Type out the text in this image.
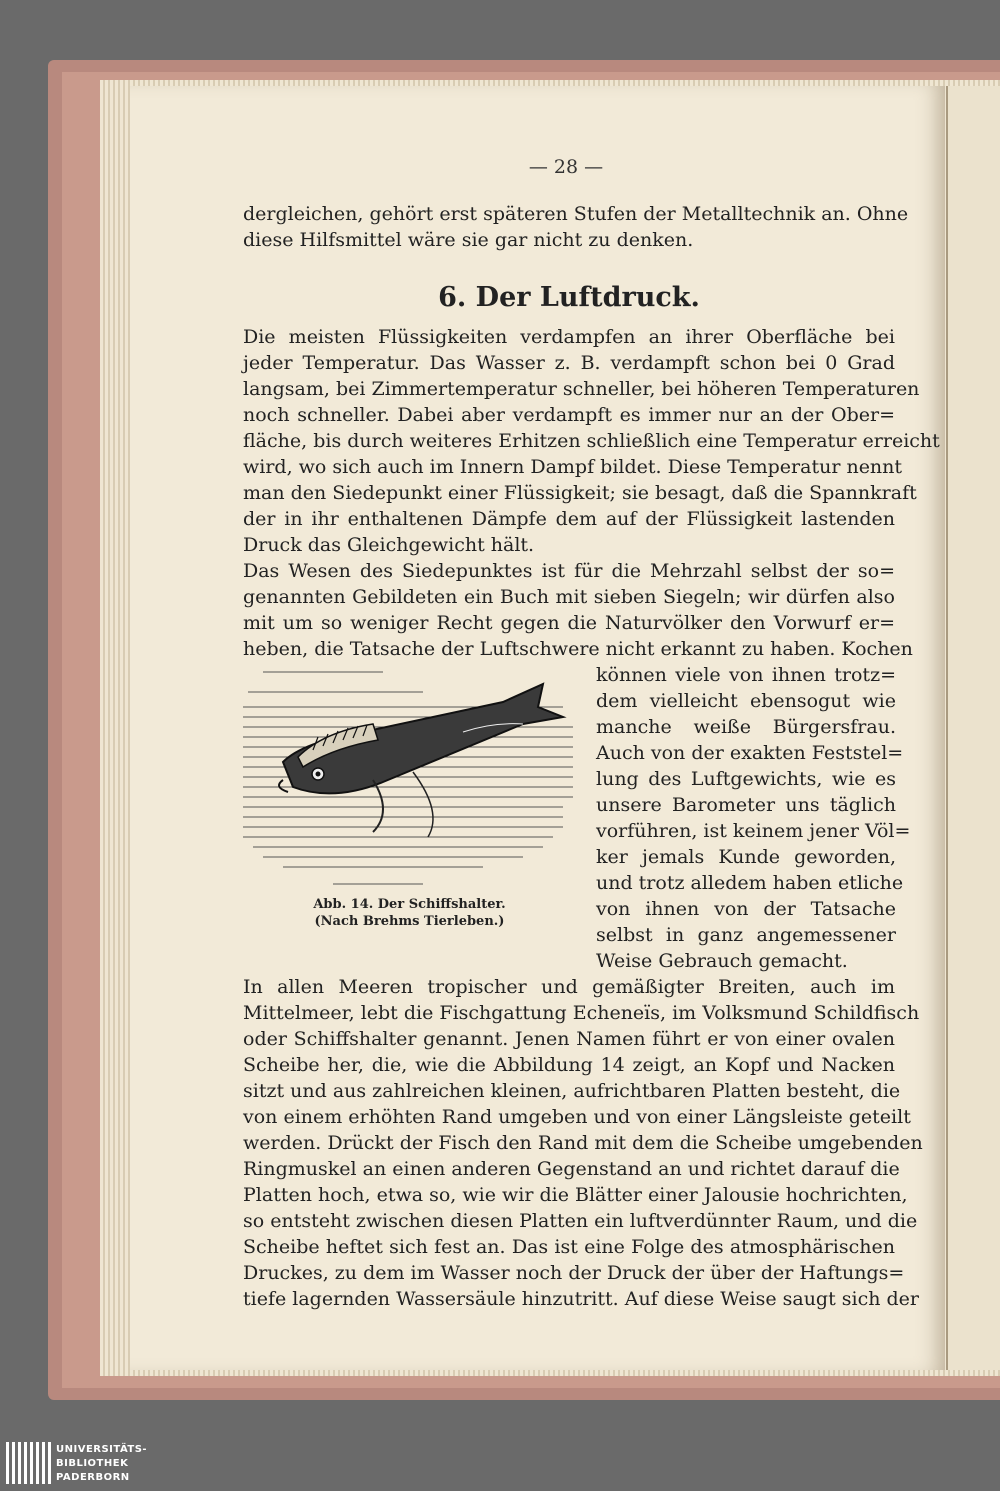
— 28 —
dergleichen, gehört erst späteren Stufen der Metalltechnik an. Ohne
diese Hilfsmittel wäre sie gar nicht zu denken.
6. Der Luftdruck.
Die meisten Flüssigkeiten verdampfen an ihrer Oberfläche bei
jeder Temperatur. Das Wasser z. B. verdampft schon bei 0 Grad
langsam, bei Zimmertemperatur schneller, bei höheren Temperaturen
noch schneller. Dabei aber verdampft es immer nur an der Ober=
fläche, bis durch weiteres Erhitzen schließlich eine Temperatur erreicht
wird, wo sich auch im Innern Dampf bildet. Diese Temperatur nennt
man den Siedepunkt einer Flüssigkeit; sie besagt, daß die Spannkraft
der in ihr enthaltenen Dämpfe dem auf der Flüssigkeit lastenden
Druck das Gleichgewicht hält.
Das Wesen des Siedepunktes ist für die Mehrzahl selbst der so=
genannten Gebildeten ein Buch mit sieben Siegeln; wir dürfen also
mit um so weniger Recht gegen die Naturvölker den Vorwurf er=
heben, die Tatsache der Luftschwere nicht erkannt zu haben. Kochen
können viele von ihnen trotz=
dem vielleicht ebensogut wie
manche weiße Bürgersfrau.
Auch von der exakten Feststel=
lung des Luftgewichts, wie es
unsere Barometer uns täglich
vorführen, ist keinem jener Völ=
ker jemals Kunde geworden,
und trotz alledem haben etliche
von ihnen von der Tatsache
selbst in ganz angemessener
Weise Gebrauch gemacht.
Abb. 14. Der Schiffshalter.
(Nach Brehms Tierleben.)
In allen Meeren tropischer und gemäßigter Breiten, auch im
Mittelmeer, lebt die Fischgattung Echeneïs, im Volksmund Schildfisch
oder Schiffshalter genannt. Jenen Namen führt er von einer ovalen
Scheibe her, die, wie die Abbildung 14 zeigt, an Kopf und Nacken
sitzt und aus zahlreichen kleinen, aufrichtbaren Platten besteht, die
von einem erhöhten Rand umgeben und von einer Längsleiste geteilt
werden. Drückt der Fisch den Rand mit dem die Scheibe umgebenden
Ringmuskel an einen anderen Gegenstand an und richtet darauf die
Platten hoch, etwa so, wie wir die Blätter einer Jalousie hochrichten,
so entsteht zwischen diesen Platten ein luftverdünnter Raum, und die
Scheibe heftet sich fest an. Das ist eine Folge des atmosphärischen
Druckes, zu dem im Wasser noch der Druck der über der Haftungs=
tiefe lagernden Wassersäule hinzutritt. Auf diese Weise saugt sich der
UNIVERSITÄTS-
BIBLIOTHEK
PADERBORN
